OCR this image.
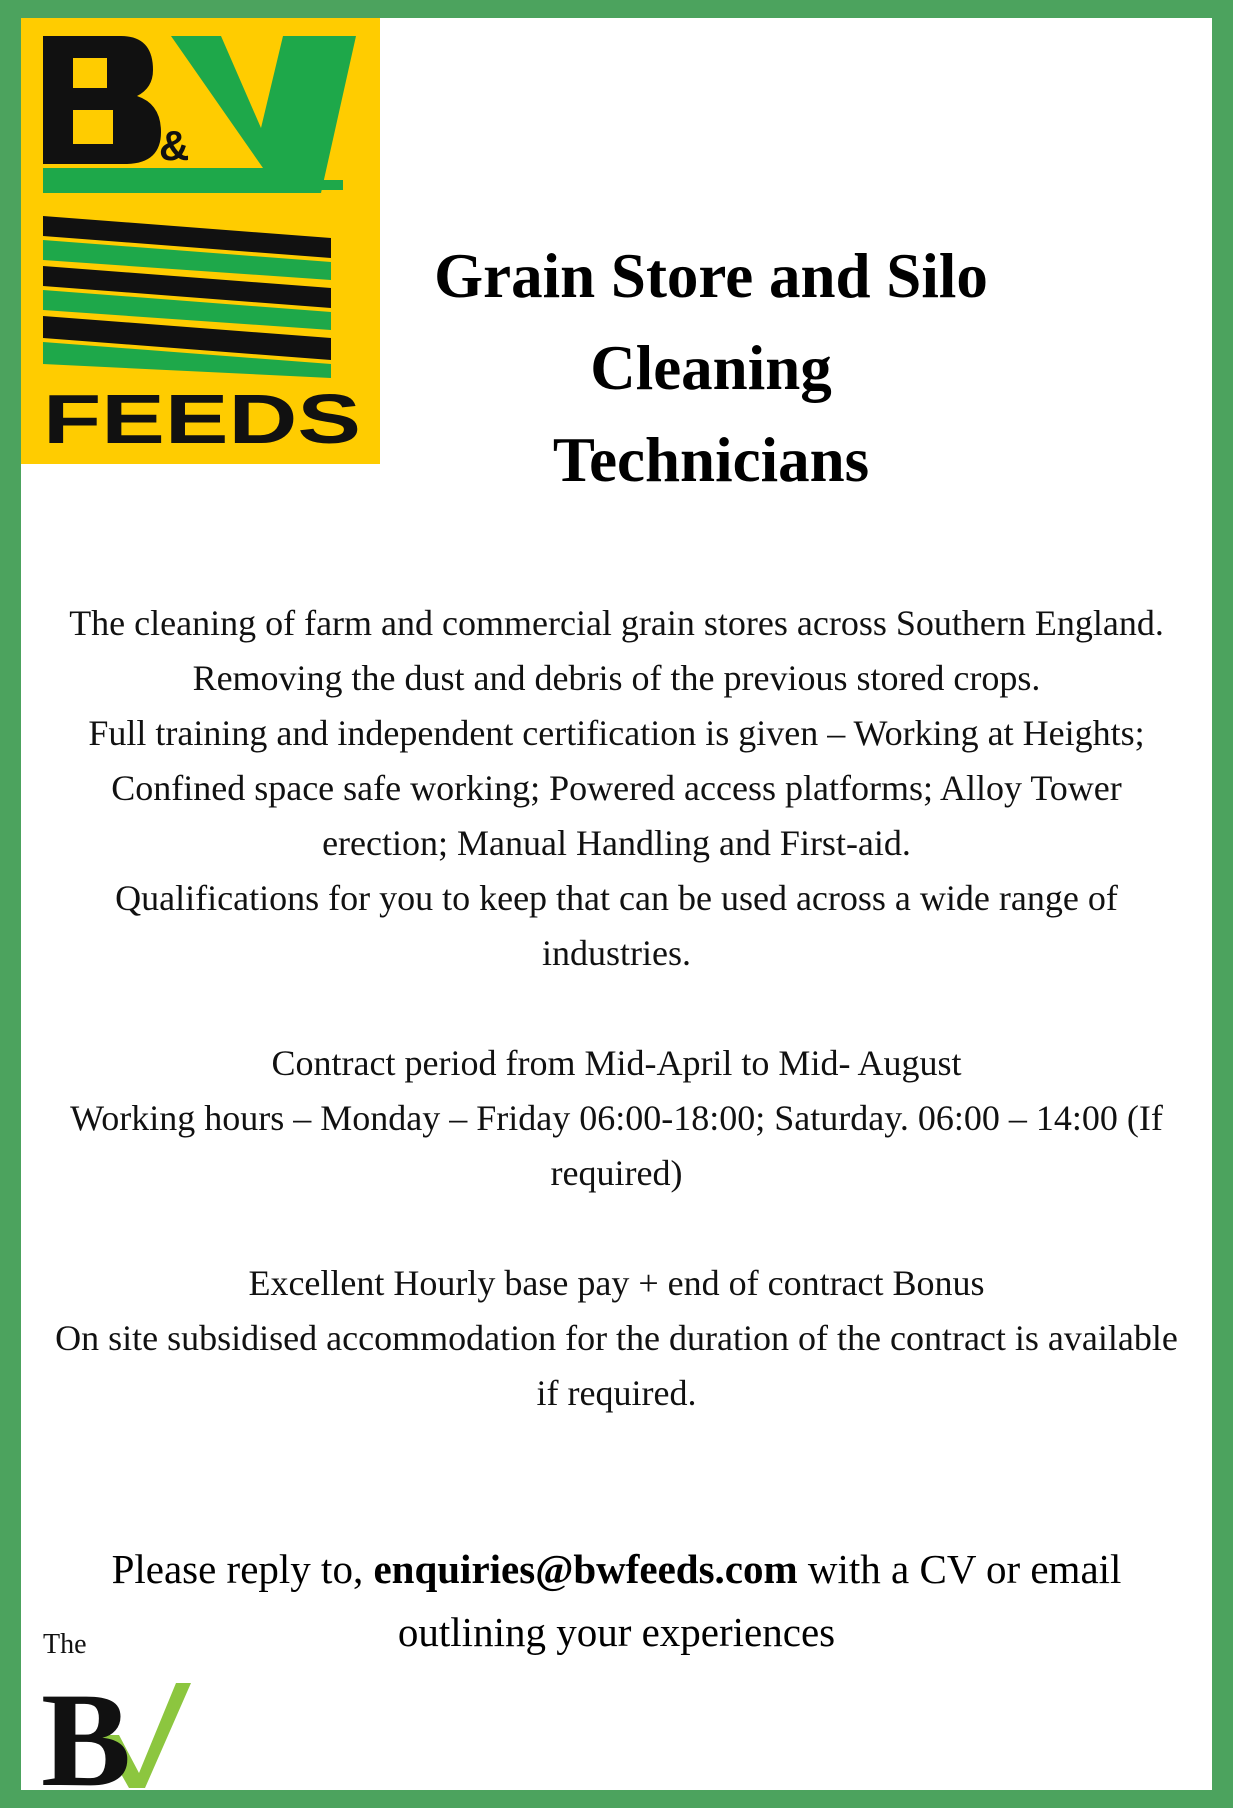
&
FEEDS
Grain Store and Silo
Cleaning Technicians

The cleaning of farm and commercial grain stores across Southern England. Removing the dust and debris of the previous stored crops.

Full training and independent certification is given – Working at Heights; Confined space safe working; Powered access platforms; Alloy Tower erection; Manual Handling and First-aid.

Qualifications for you to keep that can be used across a wide range of industries.

Contract period from Mid-April to Mid- August

Working hours – Monday – Friday 06:00-18:00; Saturday. 06:00 – 14:00 (If required)

Excellent Hourly base pay + end of contract Bonus

On site subsidised accommodation for the duration of the contract is available if required.

Please reply to, enquiries@bwfeeds.com with a CV or email outlining your experiences
The
B
